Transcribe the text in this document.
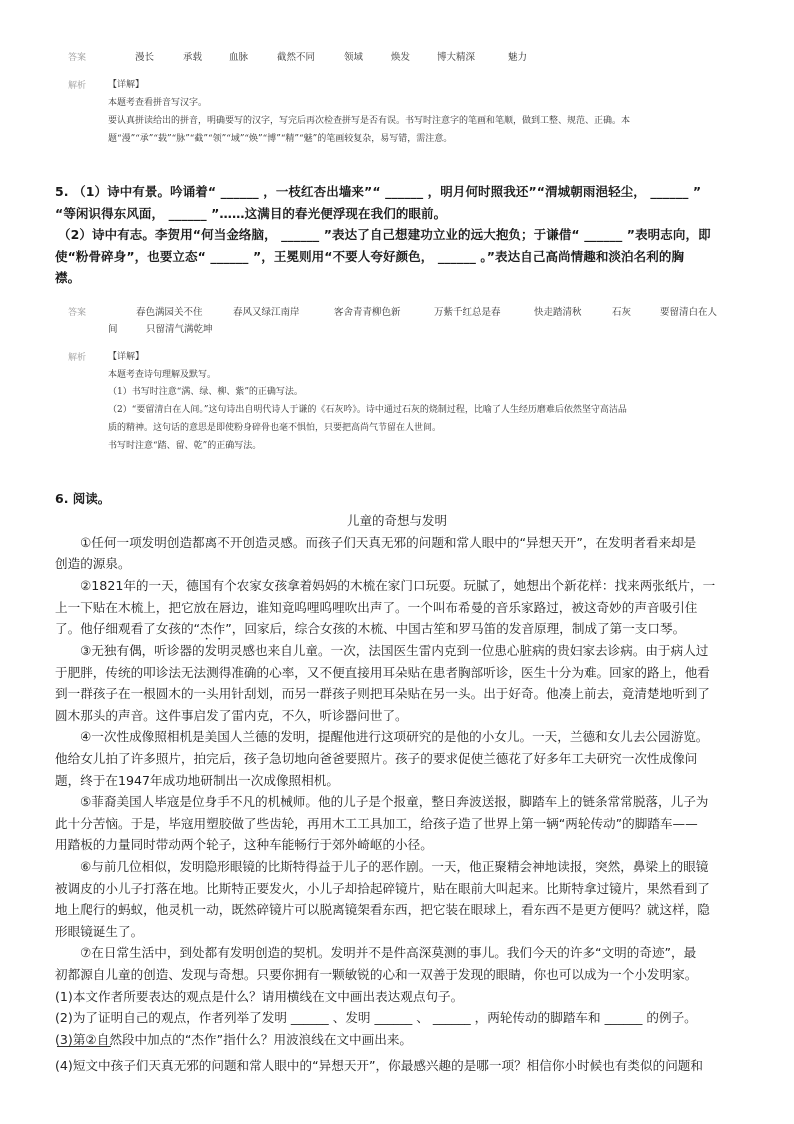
答案	漫长	承载	血脉	截然不同	领域	焕发	博大精深	魅力
解析 【详解】
本题考查看拼音写汉字。
要认真拼读给出的拼音，明确要写的汉字，写完后再次检查拼写是否有误。书写时注意字的笔画和笔顺，做到工整、规范、正确。本
题“漫”“承”“载”“脉”“截”“领”“域”“焕”“博”“精”“魅”的笔画较复杂，易写错，需注意。
5. （1）诗中有景。吟诵着“ ______ ，一枝红杏出墙来”“ ______ ，明月何时照我还”“渭城朝雨浥轻尘， ______ ”
“等闲识得东风面， ______ ”……这满目的春光便浮现在我们的眼前。
（2）诗中有志。李贺用“何当金络脑， ______ ”表达了自己想建功立业的远大抱负；于谦借“ ______ ”表明志向，即
使“粉骨碎身”，也要立态“ ______ ”，王冕则用“不要人夸好颜色， ______ 。”表达自己高尚情趣和淡泊名利的胸
襟。
答案	春色满园关不住	春风又绿江南岸	客舍青青柳色新	万紫千红总是春	快走踏清秋	石灰	要留清白在人
间	只留清气满乾坤
解析 【详解】
本题考查诗句理解及默写。
（1）书写时注意“满、绿、柳、紫”的正确写法。
（2）“要留清白在人间。”这句诗出自明代诗人于谦的《石灰吟》。诗中通过石灰的烧制过程，比喻了人生经历磨难后依然坚守高洁品
质的精神。这句话的意思是即使粉身碎骨也毫不惧怕，只要把高尚气节留在人世间。
书写时注意“踏、留、乾”的正确写法。
6. 阅读。
儿童的奇想与发明
①任何一项发明创造都离不开创造灵感。而孩子们天真无邪的问题和常人眼中的“异想天开”，在发明者看来却是
创造的源泉。
②1821年的一天，德国有个农家女孩拿着妈妈的木梳在家门口玩耍。玩腻了，她想出个新花样：找来两张纸片，一
上一下贴在木梳上，把它放在唇边，谁知竟呜哩呜哩吹出声了。一个叫布希曼的音乐家路过，被这奇妙的声音吸引住
了。他仔细观看了女孩的“杰作”，回家后，综合女孩的木梳、中国古笙和罗马笛的发音原理，制成了第一支口琴。
③无独有偶，听诊器的发明灵感也来自儿童。一次，法国医生雷内克到一位患心脏病的贵妇家去诊病。由于病人过
于肥胖，传统的叩诊法无法测得准确的心率，又不便直接用耳朵贴在患者胸部听诊，医生十分为难。回家的路上，他看
到一群孩子在一根圆木的一头用针刮划，而另一群孩子则把耳朵贴在另一头。出于好奇。他凑上前去，竟清楚地听到了
圆木那头的声音。这件事启发了雷内克，不久，听诊器问世了。
④一次性成像照相机是美国人兰德的发明，提醒他进行这项研究的是他的小女儿。一天，兰德和女儿去公园游览。
他给女儿拍了许多照片，拍完后，孩子急切地向爸爸要照片。孩子的要求促使兰德花了好多年工夫研究一次性成像问
题，终于在1947年成功地研制出一次成像照相机。
⑤菲裔美国人毕寇是位身手不凡的机械师。他的儿子是个报童，整日奔波送报，脚踏车上的链条常常脱落，儿子为
此十分苦恼。于是，毕寇用塑胶做了些齿轮，再用木工工具加工，给孩子造了世界上第一辆“两轮传动”的脚踏车——
用踏板的力量同时带动两个轮子，这种车能畅行于郊外崎岖的小径。
⑥与前几位相似，发明隐形眼镜的比斯特得益于儿子的恶作剧。一天，他正聚精会神地读报，突然，鼻梁上的眼镜
被调皮的小儿子打落在地。比斯特正要发火，小儿子却拾起碎镜片，贴在眼前大叫起来。比斯特拿过镜片，果然看到了
地上爬行的蚂蚁，他灵机一动，既然碎镜片可以脱离镜架看东西，把它装在眼球上，看东西不是更方便吗？就这样，隐
形眼镜诞生了。
⑦在日常生活中，到处都有发明创造的契机。发明并不是件高深莫测的事儿。我们今天的许多“文明的奇迹”，最
初都源自儿童的创造、发现与奇想。只要你拥有一颗敏锐的心和一双善于发现的眼睛，你也可以成为一个小发明家。
(1)本文作者所要表达的观点是什么？请用横线在文中画出表达观点句子。
(2)为了证明自己的观点，作者列举了发明 ______ 、发明 ______ 、 ______ ，两轮传动的脚踏车和 ______ 的例子。
(3)第②自然段中加点的“杰作”指什么？用波浪线在文中画出来。
(4)短文中孩子们天真无邪的问题和常人眼中的“异想天开”，你最感兴趣的是哪一项？相信你小时候也有类似的问题和
